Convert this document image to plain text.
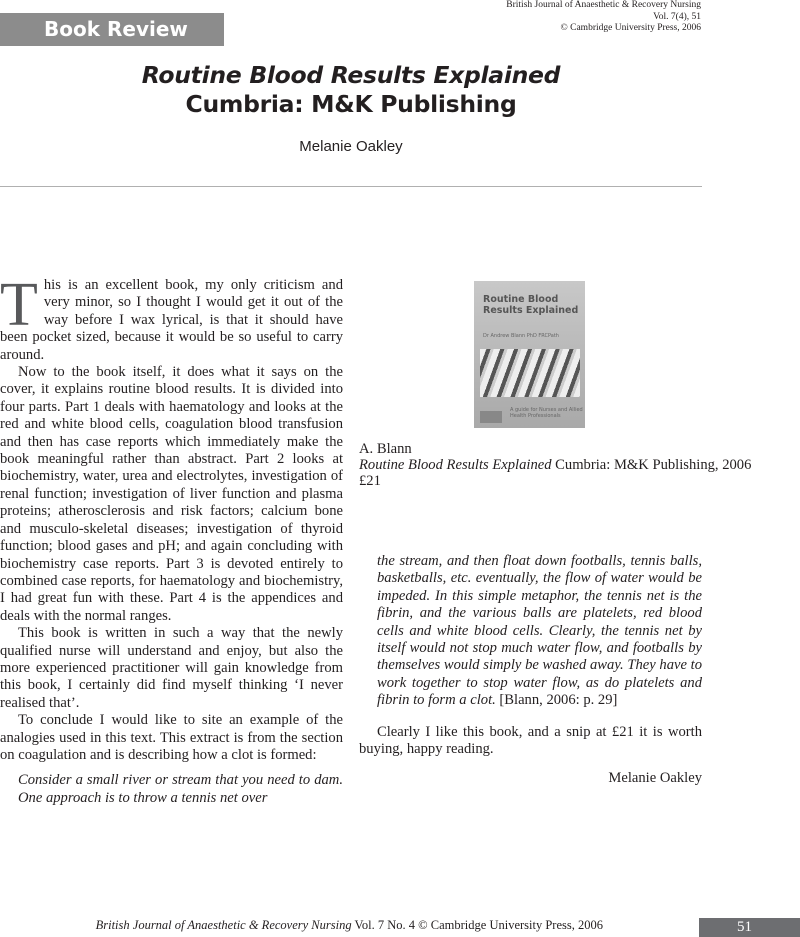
Book Review
British Journal of Anaesthetic & Recovery Nursing
Vol. 7(4), 51
© Cambridge University Press, 2006
Routine Blood Results Explained
Cumbria: M&K Publishing
Melanie Oakley

This is an excellent book, my only criticism and very minor, so I thought I would get it out of the way before I wax lyrical, is that it should have been pocket sized, because it would be so useful to carry around.

Now to the book itself, it does what it says on the cover, it explains routine blood results. It is divided into four parts. Part 1 deals with haematology and looks at the red and white blood cells, coagulation blood transfusion and then has case reports which immediately make the book meaningful rather than abstract. Part 2 looks at biochemistry, water, urea and electrolytes, investigation of renal function; investigation of liver function and plasma proteins; atherosclerosis and risk factors; calcium bone and musculo-skeletal diseases; investigation of thyroid function; blood gases and pH; and again concluding with biochemistry case reports. Part 3 is devoted entirely to combined case reports, for haematology and biochemistry, I had great fun with these. Part 4 is the appendices and deals with the normal ranges.

This book is written in such a way that the newly qualified nurse will understand and enjoy, but also the more experienced practitioner will gain knowledge from this book, I certainly did find myself thinking ‘I never realised that’.

To conclude I would like to site an example of the analogies used in this text. This extract is from the section on coagulation and is describing how a clot is formed:

Consider a small river or stream that you need to dam. One approach is to throw a tennis net over

Routine Blood Results Explained
Dr Andrew Blann PhD FRCPath
A guide for Nurses and Allied Health Professionals
A. Blann
Routine Blood Results Explained Cumbria: M&K Publishing, 2006
£21

the stream, and then float down footballs, tennis balls, basketballs, etc. eventually, the flow of water would be impeded. In this simple metaphor, the tennis net is the fibrin, and the various balls are platelets, red blood cells and white blood cells. Clearly, the tennis net by itself would not stop much water flow, and footballs by themselves would simply be washed away. They have to work together to stop water flow, as do platelets and fibrin to form a clot. [Blann, 2006: p. 29]

Clearly I like this book, and a snip at £21 it is worth buying, happy reading.

Melanie Oakley

British Journal of Anaesthetic & Recovery Nursing Vol. 7 No. 4 © Cambridge University Press, 2006	51
